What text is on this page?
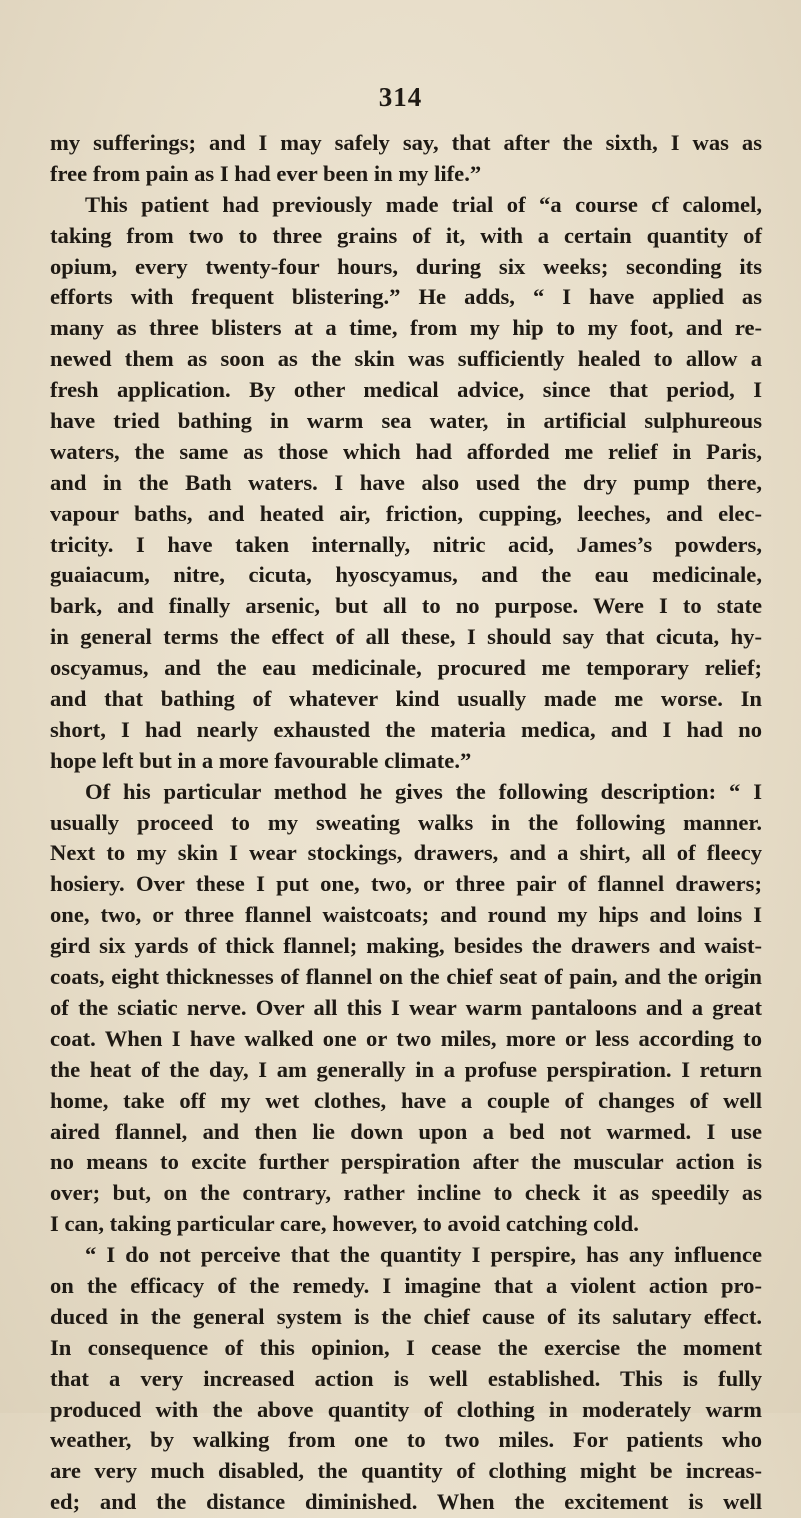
314
my sufferings; and I may safely say, that after the sixth, I was as
free from pain as I had ever been in my life.”
This patient had previously made trial of “a course cf calomel,
taking from two to three grains of it, with a certain quantity of
opium, every twenty-four hours, during six weeks; seconding its
efforts with frequent blistering.” He adds, “ I have applied as
many as three blisters at a time, from my hip to my foot, and re-
newed them as soon as the skin was sufficiently healed to allow a
fresh application. By other medical advice, since that period, I
have tried bathing in warm sea water, in artificial sulphureous
waters, the same as those which had afforded me relief in Paris,
and in the Bath waters. I have also used the dry pump there,
vapour baths, and heated air, friction, cupping, leeches, and elec-
tricity. I have taken internally, nitric acid, James’s powders,
guaiacum, nitre, cicuta, hyoscyamus, and the eau medicinale,
bark, and finally arsenic, but all to no purpose. Were I to state
in general terms the effect of all these, I should say that cicuta, hy-
oscyamus, and the eau medicinale, procured me temporary relief;
and that bathing of whatever kind usually made me worse. In
short, I had nearly exhausted the materia medica, and I had no
hope left but in a more favourable climate.”
Of his particular method he gives the following description: “ I
usually proceed to my sweating walks in the following manner.
Next to my skin I wear stockings, drawers, and a shirt, all of fleecy
hosiery. Over these I put one, two, or three pair of flannel drawers;
one, two, or three flannel waistcoats; and round my hips and loins I
gird six yards of thick flannel; making, besides the drawers and waist-
coats, eight thicknesses of flannel on the chief seat of pain, and the origin
of the sciatic nerve. Over all this I wear warm pantaloons and a great
coat. When I have walked one or two miles, more or less according to
the heat of the day, I am generally in a profuse perspiration. I return
home, take off my wet clothes, have a couple of changes of well
aired flannel, and then lie down upon a bed not warmed. I use
no means to excite further perspiration after the muscular action is
over; but, on the contrary, rather incline to check it as speedily as
I can, taking particular care, however, to avoid catching cold.
“ I do not perceive that the quantity I perspire, has any influence
on the efficacy of the remedy. I imagine that a violent action pro-
duced in the general system is the chief cause of its salutary effect.
In consequence of this opinion, I cease the exercise the moment
that a very increased action is well established. This is fully
produced with the above quantity of clothing in moderately warm
weather, by walking from one to two miles. For patients who
are very much disabled, the quantity of clothing might be increas-
ed; and the distance diminished. When the excitement is well
